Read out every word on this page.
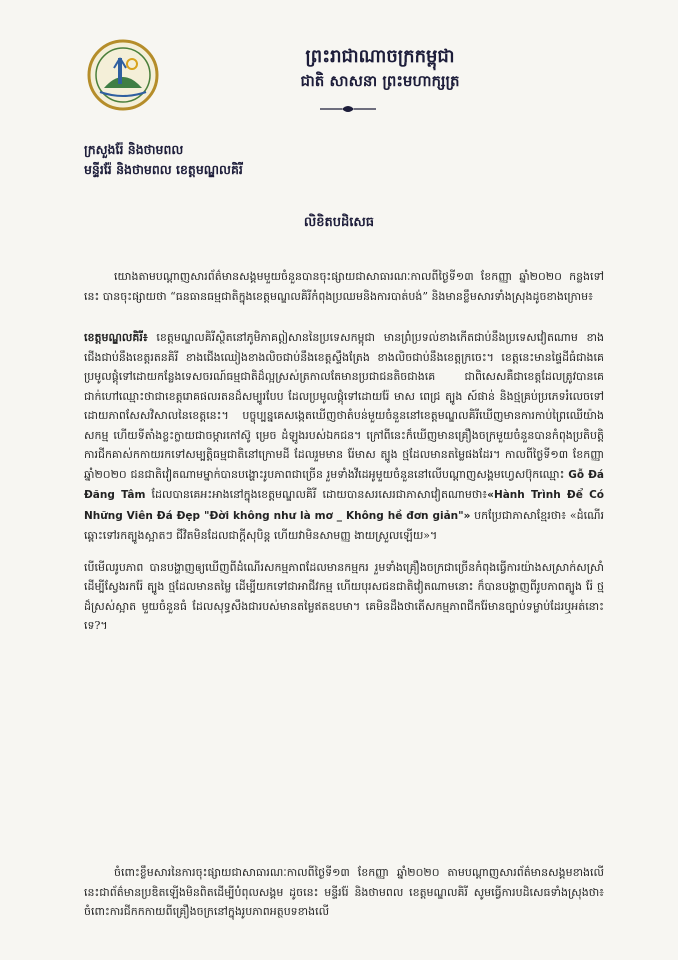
ព្រះរាជាណាចក្រកម្ពុជា
ជាតិ សាសនា ព្រះមហាក្សត្រ
ក្រសួងរ៉ែ និងថាមពល
មន្ទីររ៉ែ និងថាមពល ខេត្តមណ្ឌលគិរី
លិខិតបដិសេធ

យោងតាមបណ្តាញសារព័ត៌មានសង្គមមួយចំនួនបានចុះផ្សាយជាសាធារណៈកាលពីថ្ងៃទី១៣ ខែកញ្ញា ឆ្នាំ២០២០ កន្លងទៅនេះ បានចុះផ្សាយថា “ធនធានធម្មជាតិក្នុងខេត្តមណ្ឌលគិរីកំពុងប្រឈមនិងការបាត់បង់” និងមានខ្លឹមសារទាំងស្រុងដូចខាងក្រោម៖

ខេត្តមណ្ឌលគិរី៖ ខេត្តមណ្ឌលគិរីស្ថិតនៅភូមិភាគឦសាននៃប្រទេសកម្ពុជា មានព្រំប្រទល់ខាងកើតជាប់នឹងប្រទេសវៀតណាម ខាងជើងជាប់នឹងខេត្តរតនគិរី ខាងជើងឈៀងខាងលិចជាប់នឹងខេត្តស្ទឹងត្រែង ខាងលិចជាប់នឹងខេត្តក្រចេះ។ ខេត្តនេះមានផ្ទៃដីធំជាងគេ ប្រមូលផ្តុំទៅដោយកន្លែងទេសចរណ៍ធម្មជាតិដ៏ល្អស្រស់ត្រកាលតែមានប្រជាជនតិចជាងគេ ជាពិសេសគឺជាខេត្តដែលត្រូវបានគេជាក់ហៅឈ្មោះថាជាខេត្តរោគផលរតនដ៏សម្បូរបែប ដែលប្រមូលផ្តុំទៅដោយរ៉ែ មាស ពេជ្រ ត្បូង ស៍ផាន់ និងថ្មគ្រប់ប្រភេទរំលេចទៅដោយភាពសែសវិសាលនៃខេត្តនេះ។ បច្ចុប្បន្នគេសង្កេតឃើញថាតំបន់មួយចំនួននៅខេត្តមណ្ឌលគិរីឃើញមានការកាប់ព្រៃឈើយ៉ាងសកម្ម ហើយទីតាំងខ្លះក្លាយជាចម្ការកៅស៊ូ ម្រេច ដំឡូងរបស់ឯកជន។ ក្រៅពីនេះក៏ឃើញមានគ្រឿងចក្រមួយចំនួនបានកំពុងប្រតិបត្តិការជីកគាស់កកាយរកទៅសម្បត្តិធម្មជាតិនៅក្រោមដី ដែលរួមមាន រ៉ែមាស ត្បូង ថ្មដែលមានតម្លៃផងដែរ។ កាលពីថ្ងៃទី១៣ ខែកញ្ញា ឆ្នាំ២០២០ ជនជាតិវៀតណាមម្នាក់បានបង្ហោះរូបភាពជាច្រើន រួមទាំងវីដេអូមួយចំនួននៅលើបណ្តាញសង្គមហ្វេសប៊ុកឈ្មោះ Gỗ Đá Đăng Tâm ដែលបានគេអះអាងនៅក្នុងខេត្តមណ្ឌលគិរី ដោយបានសរសេរជាភាសាវៀតណាមថា៖«Hành Trình Để Có Những Viên Đá Đẹp "Đời không như là mơ _ Không hề đơn giản"» បកប្រែជាភាសាខ្មែរថា៖ «ដំណើរឆ្ពោះទៅរកត្បូងស្អាតៗ ជីវិតមិនដែលជាក្តីសុបិន្ត ហើយវាមិនសាមញ្ញ ងាយស្រួលឡើយ»។
បើមើលរូបភាព បានបង្ហាញឲ្យឃើញពីដំណើរសកម្មភាពដែលមានកម្មករ រួមទាំងគ្រឿងចក្រជាច្រើនកំពុងធ្វើការយ៉ាងសស្រាក់សស្រាំដើម្បីស្វែងរករ៉ែ ត្បូង ថ្មដែលមានតម្លៃ ដើម្បីយកទៅជាអាជីវកម្ម ហើយបុរសជនជាតិវៀតណាមនោះ ក៏បានបង្ហាញពីរូបភាពត្បូង រ៉ែ ថ្មដ៏ស្រស់ស្អាត មួយចំនួនធំ ដែលសុទ្ធសឹងជារបស់មានតម្លៃឥតឧបមា។ គេមិនដឹងថាតើសកម្មភាពជីករ៉ែមានច្បាប់ទម្លាប់ដែរឬអត់នោះទេ?។

ចំពោះខ្លឹមសារនៃការចុះផ្សាយជាសាធារណៈកាលពីថ្ងៃទី១៣ ខែកញ្ញា ឆ្នាំ២០២០ តាមបណ្តាញសារព័ត៌មានសង្គមខាងលើនេះជាព័ត៌មានប្រឌិតឡើងមិនពិតដើម្បីបំពុលសង្គម ដូចនេះ មន្ទីររ៉ែ និងថាមពល ខេត្តមណ្ឌលគិរី សូមធ្វើការបដិសេធទាំងស្រុងថា៖ ចំពោះការជីកកកាយពីគ្រឿងចក្រនៅក្នុងរូបភាពអត្ថបទខាងលើ
